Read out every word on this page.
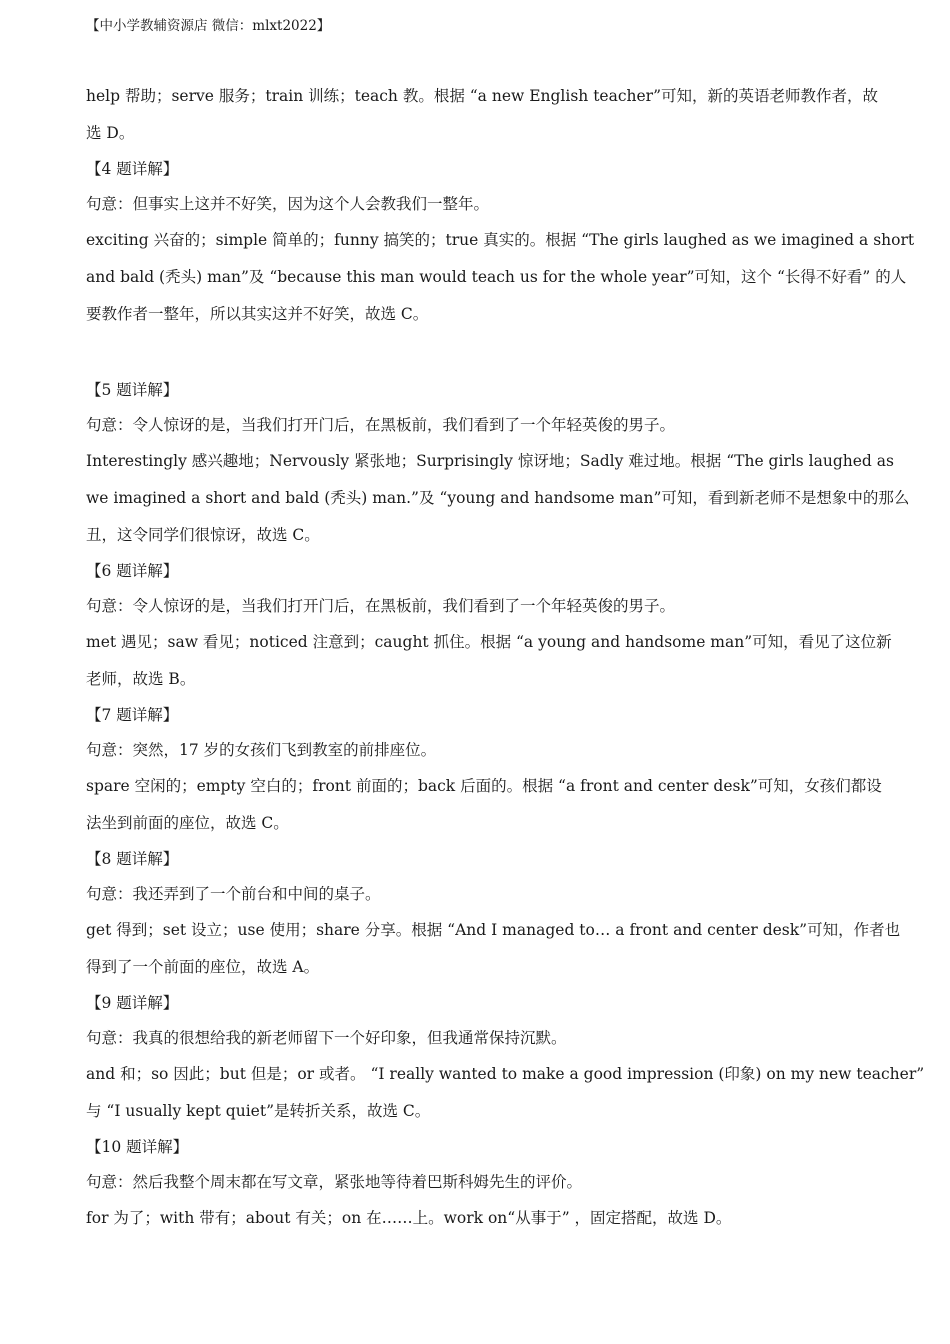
【中小学教辅资源店 微信：mlxt2022】
help 帮助；serve 服务；train 训练；teach 教。根据 “a new English teacher”可知，新的英语老师教作者，故
选 D。
【4 题详解】
句意：但事实上这并不好笑，因为这个人会教我们一整年。
exciting 兴奋的；simple 简单的；funny 搞笑的；true 真实的。根据 “The girls laughed as we imagined a short
and bald (秃头) man”及 “because this man would teach us for the whole year”可知，这个 “长得不好看” 的人
要教作者一整年，所以其实这并不好笑，故选 C。
【5 题详解】
句意：令人惊讶的是，当我们打开门后，在黑板前，我们看到了一个年轻英俊的男子。
Interestingly 感兴趣地；Nervously 紧张地；Surprisingly 惊讶地；Sadly 难过地。根据 “The girls laughed as
we imagined a short and bald (秃头) man.”及 “young and handsome man”可知，看到新老师不是想象中的那么
丑，这令同学们很惊讶，故选 C。
【6 题详解】
句意：令人惊讶的是，当我们打开门后，在黑板前，我们看到了一个年轻英俊的男子。
met 遇见；saw 看见；noticed 注意到；caught 抓住。根据 “a young and handsome man”可知，看见了这位新
老师，故选 B。
【7 题详解】
句意：突然，17 岁的女孩们飞到教室的前排座位。
spare 空闲的；empty 空白的；front 前面的；back 后面的。根据 “a front and center desk”可知，女孩们都设
法坐到前面的座位，故选 C。
【8 题详解】
句意：我还弄到了一个前台和中间的桌子。
get 得到；set 设立；use 使用；share 分享。根据 “And I managed to… a front and center desk”可知，作者也
得到了一个前面的座位，故选 A。
【9 题详解】
句意：我真的很想给我的新老师留下一个好印象，但我通常保持沉默。
and 和；so 因此；but 但是；or 或者。 “I really wanted to make a good impression (印象) on my new teacher”
与 “I usually kept quiet”是转折关系，故选 C。
【10 题详解】
句意：然后我整个周末都在写文章，紧张地等待着巴斯科姆先生的评价。
for 为了；with 带有；about 有关；on 在……上。work on“从事于” ，固定搭配，故选 D。
